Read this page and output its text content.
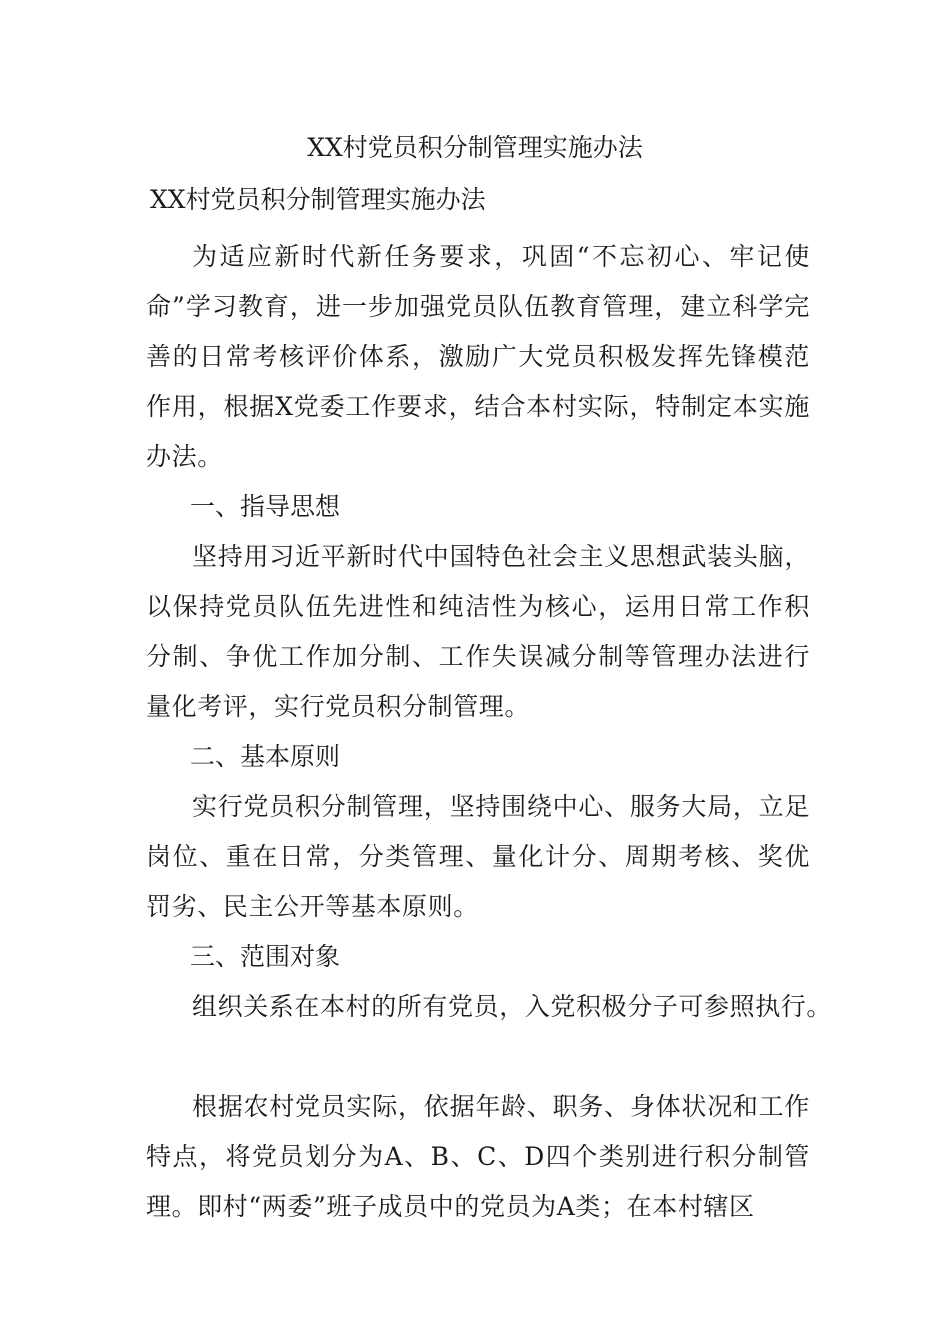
XX村党员积分制管理实施办法
XX村党员积分制管理实施办法

为适应新时代新任务要求，巩固“不忘初心、牢记使命”学习教育，进一步加强党员队伍教育管理，建立科学完善的日常考核评价体系，激励广大党员积极发挥先锋模范作用，根据X党委工作要求，结合本村实际，特制定本实施办法。

一、指导思想

坚持用习近平新时代中国特色社会主义思想武装头脑，以保持党员队伍先进性和纯洁性为核心，运用日常工作积分制、争优工作加分制、工作失误减分制等管理办法进行量化考评，实行党员积分制管理。

二、基本原则

实行党员积分制管理，坚持围绕中心、服务大局，立足岗位、重在日常，分类管理、量化计分、周期考核、奖优罚劣、民主公开等基本原则。

三、范围对象

组织关系在本村的所有党员，入党积极分子可参照执行。

根据农村党员实际，依据年龄、职务、身体状况和工作特点，将党员划分为A、B、C、D四个类别进行积分制管理。即村“两委”班子成员中的党员为A类；在本村辖区
